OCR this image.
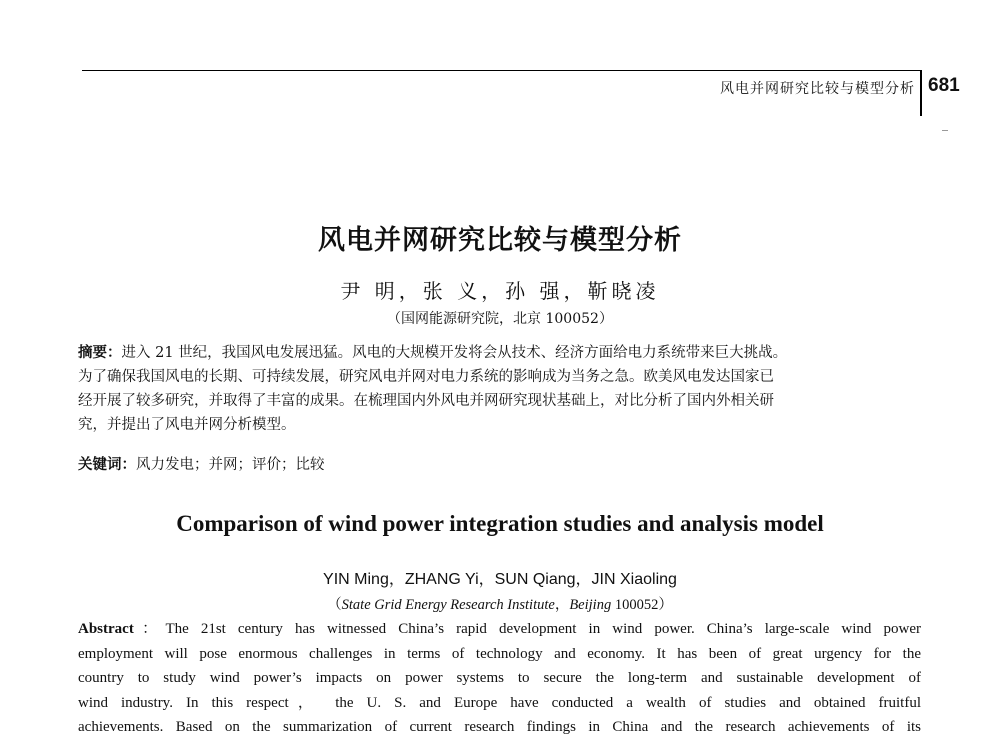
风电并网研究比较与模型分析 681
风电并网研究比较与模型分析
尹 明，张 义，孙 强，靳晓凌
（国网能源研究院，北京 100052）
摘要：进入 21 世纪，我国风电发展迅猛。风电的大规模开发将会从技术、经济方面给电力系统带来巨大挑战。
为了确保我国风电的长期、可持续发展，研究风电并网对电力系统的影响成为当务之急。欧美风电发达国家已
经开展了较多研究，并取得了丰富的成果。在梳理国内外风电并网研究现状基础上，对比分析了国内外相关研
究，并提出了风电并网分析模型。
关键词：风力发电；并网；评价；比较
Comparison of wind power integration studies and analysis model
YIN Ming，ZHANG Yi，SUN Qiang，JIN Xiaoling
（State Grid Energy Research Institute，Beijing 100052）
Abstract：The 21st century has witnessed China’s rapid development in wind power. China’s large-scale wind power
employment will pose enormous challenges in terms of technology and economy. It has been of great urgency for the
country to study wind power’s impacts on power systems to secure the long-term and sustainable development of
wind industry. In this respect， the U. S. and Europe have conducted a wealth of studies and obtained fruitful
achievements. Based on the summarization of current research findings in China and the research achievements of its
